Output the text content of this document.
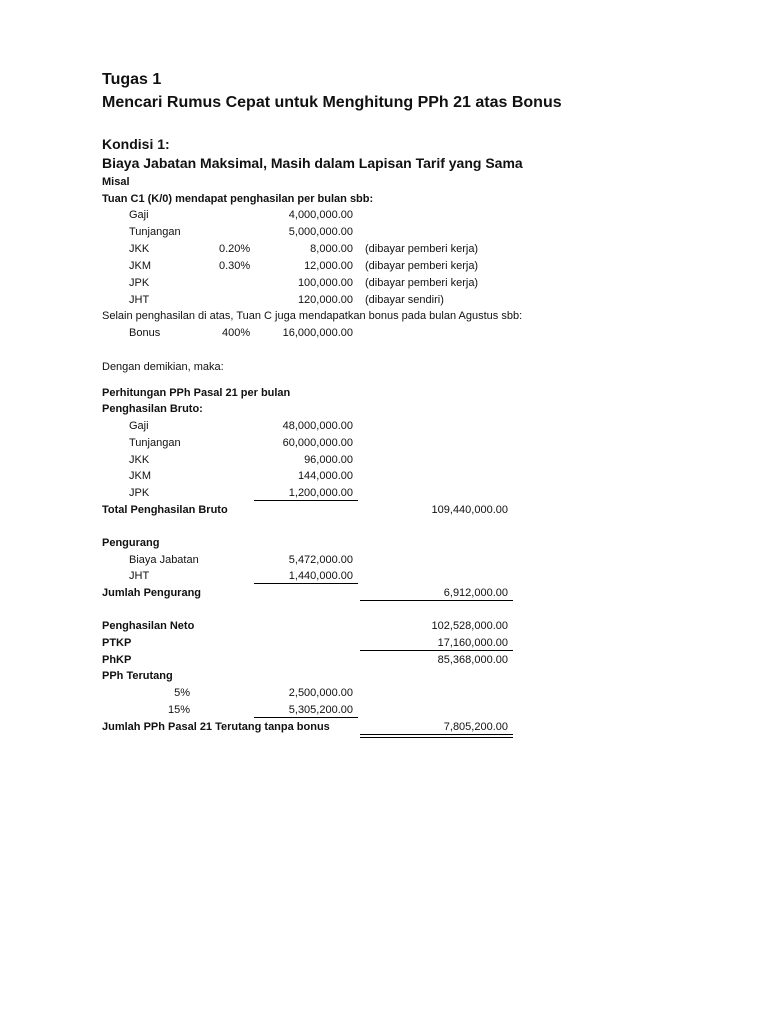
Tugas 1
Mencari Rumus Cepat untuk Menghitung PPh 21 atas Bonus
Kondisi 1:
Biaya Jabatan Maksimal, Masih dalam Lapisan Tarif yang Sama
Misal
Tuan C1 (K/0) mendapat penghasilan per bulan sbb:
Gaji	4,000,000.00
Tunjangan	5,000,000.00
JKK	0.20%	8,000.00 (dibayar pemberi kerja)
JKM	0.30%	12,000.00 (dibayar pemberi kerja)
JPK	100,000.00 (dibayar pemberi kerja)
JHT	120,000.00 (dibayar sendiri)
Selain penghasilan di atas, Tuan C juga mendapatkan bonus pada bulan Agustus sbb:
Bonus	400%	16,000,000.00
Dengan demikian, maka:
Perhitungan PPh Pasal 21 per bulan
Penghasilan Bruto:
Gaji	48,000,000.00
Tunjangan	60,000,000.00
JKK	96,000.00
JKM	144,000.00
JPK	1,200,000.00
Total Penghasilan Bruto	109,440,000.00
Pengurang
Biaya Jabatan	5,472,000.00
JHT	1,440,000.00
Jumlah Pengurang	6,912,000.00
Penghasilan Neto	102,528,000.00
PTKP	17,160,000.00
PhKP	85,368,000.00
PPh Terutang
5%	2,500,000.00
15%	5,305,200.00
Jumlah PPh Pasal 21 Terutang tanpa bonus	7,805,200.00
